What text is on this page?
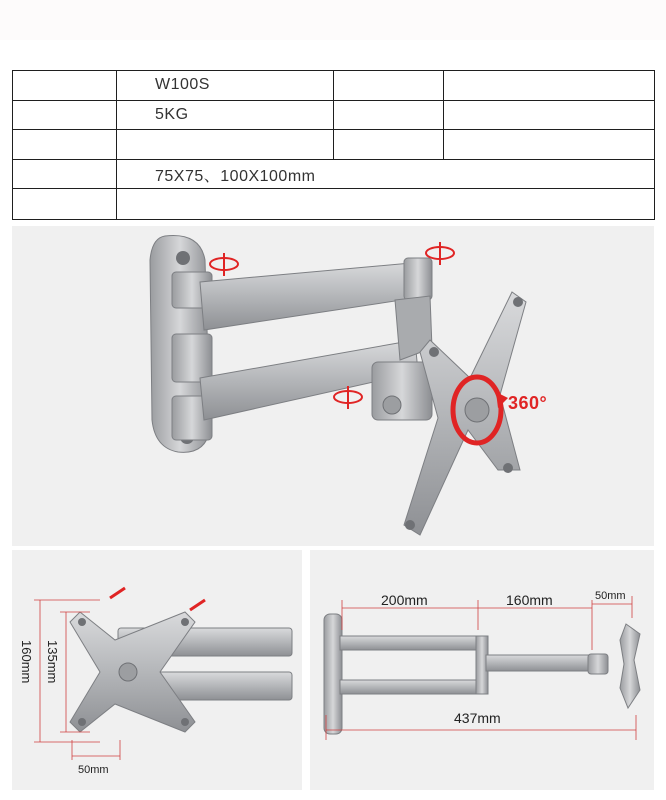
	W100S		
	5KG		

	75X75、100X100mm		

360°
160mm 135mm
50mm
200mm	160mm	50mm
437mm
